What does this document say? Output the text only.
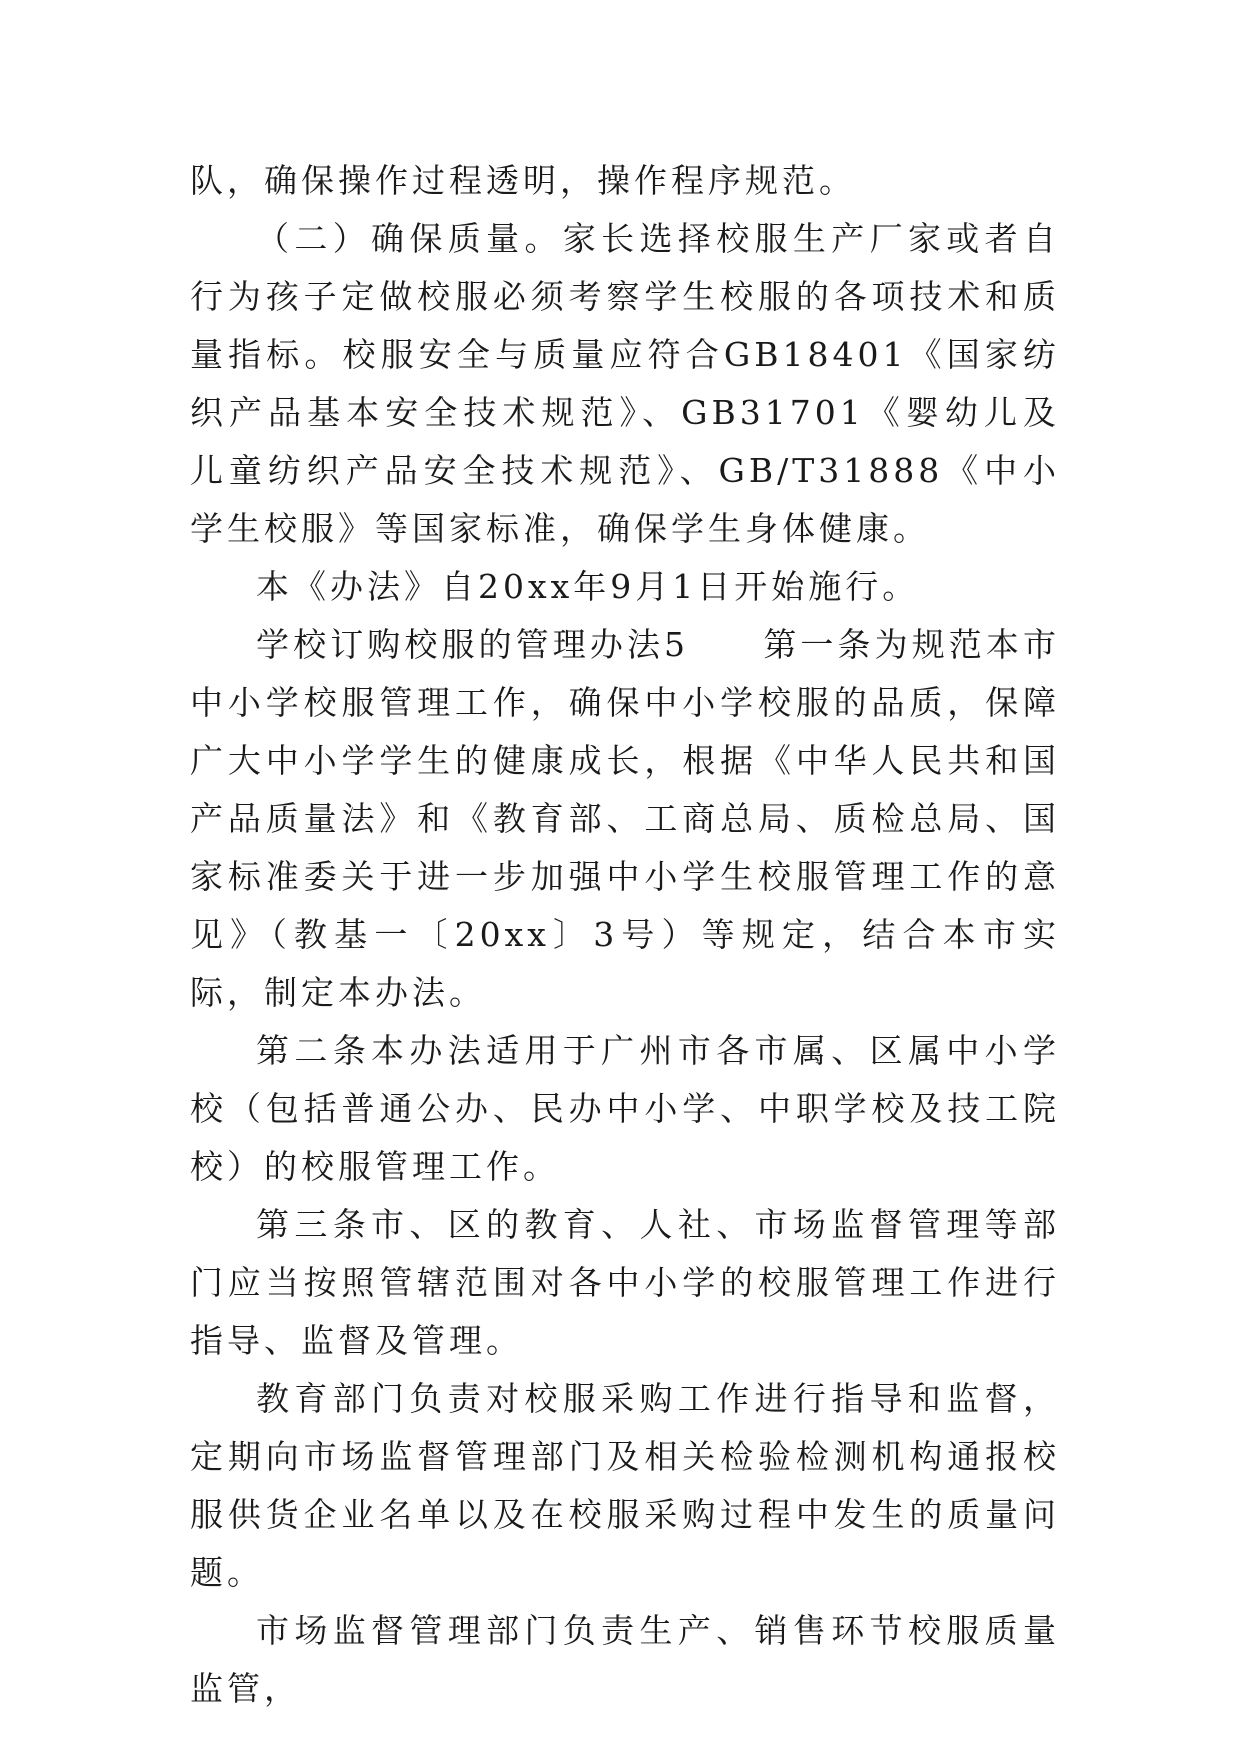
队，确保操作过程透明，操作程序规范。

（二）确保质量。家长选择校服生产厂家或者自行为孩子定做校服必须考察学生校服的各项技术和质量指标。校服安全与质量应符合GB18401《国家纺织产品基本安全技术规范》、GB31701《婴幼儿及儿童纺织产品安全技术规范》、GB/T31888《中小学生校服》等国家标准，确保学生身体健康。

本《办法》自20xx年9月1日开始施行。

学校订购校服的管理办法5　　第一条为规范本市中小学校服管理工作，确保中小学校服的品质，保障广大中小学学生的健康成长，根据《中华人民共和国产品质量法》和《教育部、工商总局、质检总局、国家标准委关于进一步加强中小学生校服管理工作的意见》（教基一〔20xx〕3号）等规定，结合本市实际，制定本办法。

第二条本办法适用于广州市各市属、区属中小学校（包括普通公办、民办中小学、中职学校及技工院校）的校服管理工作。

第三条市、区的教育、人社、市场监督管理等部门应当按照管辖范围对各中小学的校服管理工作进行指导、监督及管理。

教育部门负责对校服采购工作进行指导和监督，定期向市场监督管理部门及相关检验检测机构通报校服供货企业名单以及在校服采购过程中发生的质量问题。

市场监督管理部门负责生产、销售环节校服质量监管，
